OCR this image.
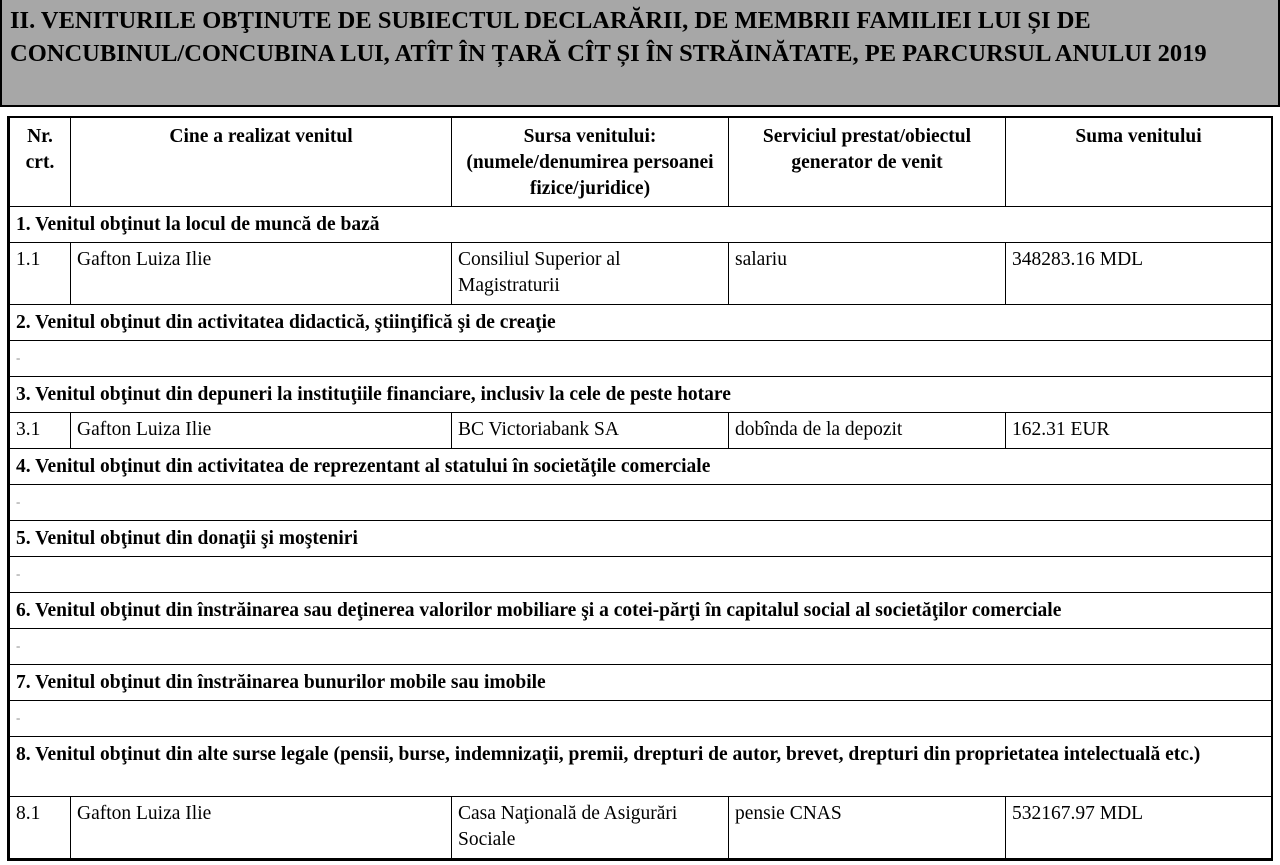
II. VENITURILE OBŢINUTE DE SUBIECTUL DECLARĂRII, DE MEMBRII FAMILIEI LUI ȘI DE CONCUBINUL/CONCUBINA LUI, ATÎT ÎN ȚARĂ CÎT ȘI ÎN STRĂINĂTATE, PE PARCURSUL ANULUI 2019
Nr. crt.	Cine a realizat venitul	Sursa venitului: (numele/denumirea persoanei fizice/juridice)	Serviciul prestat/obiectul generator de venit	Suma venitului
1. Venitul obţinut la locul de muncă de bază				
1.1	Gafton Luiza Ilie	Consiliul Superior al Magistraturii	salariu	348283.16 MDL
2. Venitul obţinut din activitatea didactică, ştiinţifică şi de creaţie				
-				
3. Venitul obţinut din depuneri la instituţiile financiare, inclusiv la cele de peste hotare				
3.1	Gafton Luiza Ilie	BC Victoriabank SA	dobînda de la depozit	162.31 EUR
4. Venitul obţinut din activitatea de reprezentant al statului în societăţile comerciale				
-				
5. Venitul obţinut din donaţii şi moşteniri				
-				
6. Venitul obţinut din înstrăinarea sau deţinerea valorilor mobiliare şi a cotei-părţi în capitalul social al societăţilor comerciale				
-				
7. Venitul obţinut din înstrăinarea bunurilor mobile sau imobile				
-				
8. Venitul obţinut din alte surse legale (pensii, burse, indemnizaţii, premii, drepturi de autor, brevet, drepturi din proprietatea intelectuală etc.)				
8.1	Gafton Luiza Ilie	Casa Naţională de Asigurări Sociale	pensie CNAS	532167.97 MDL
